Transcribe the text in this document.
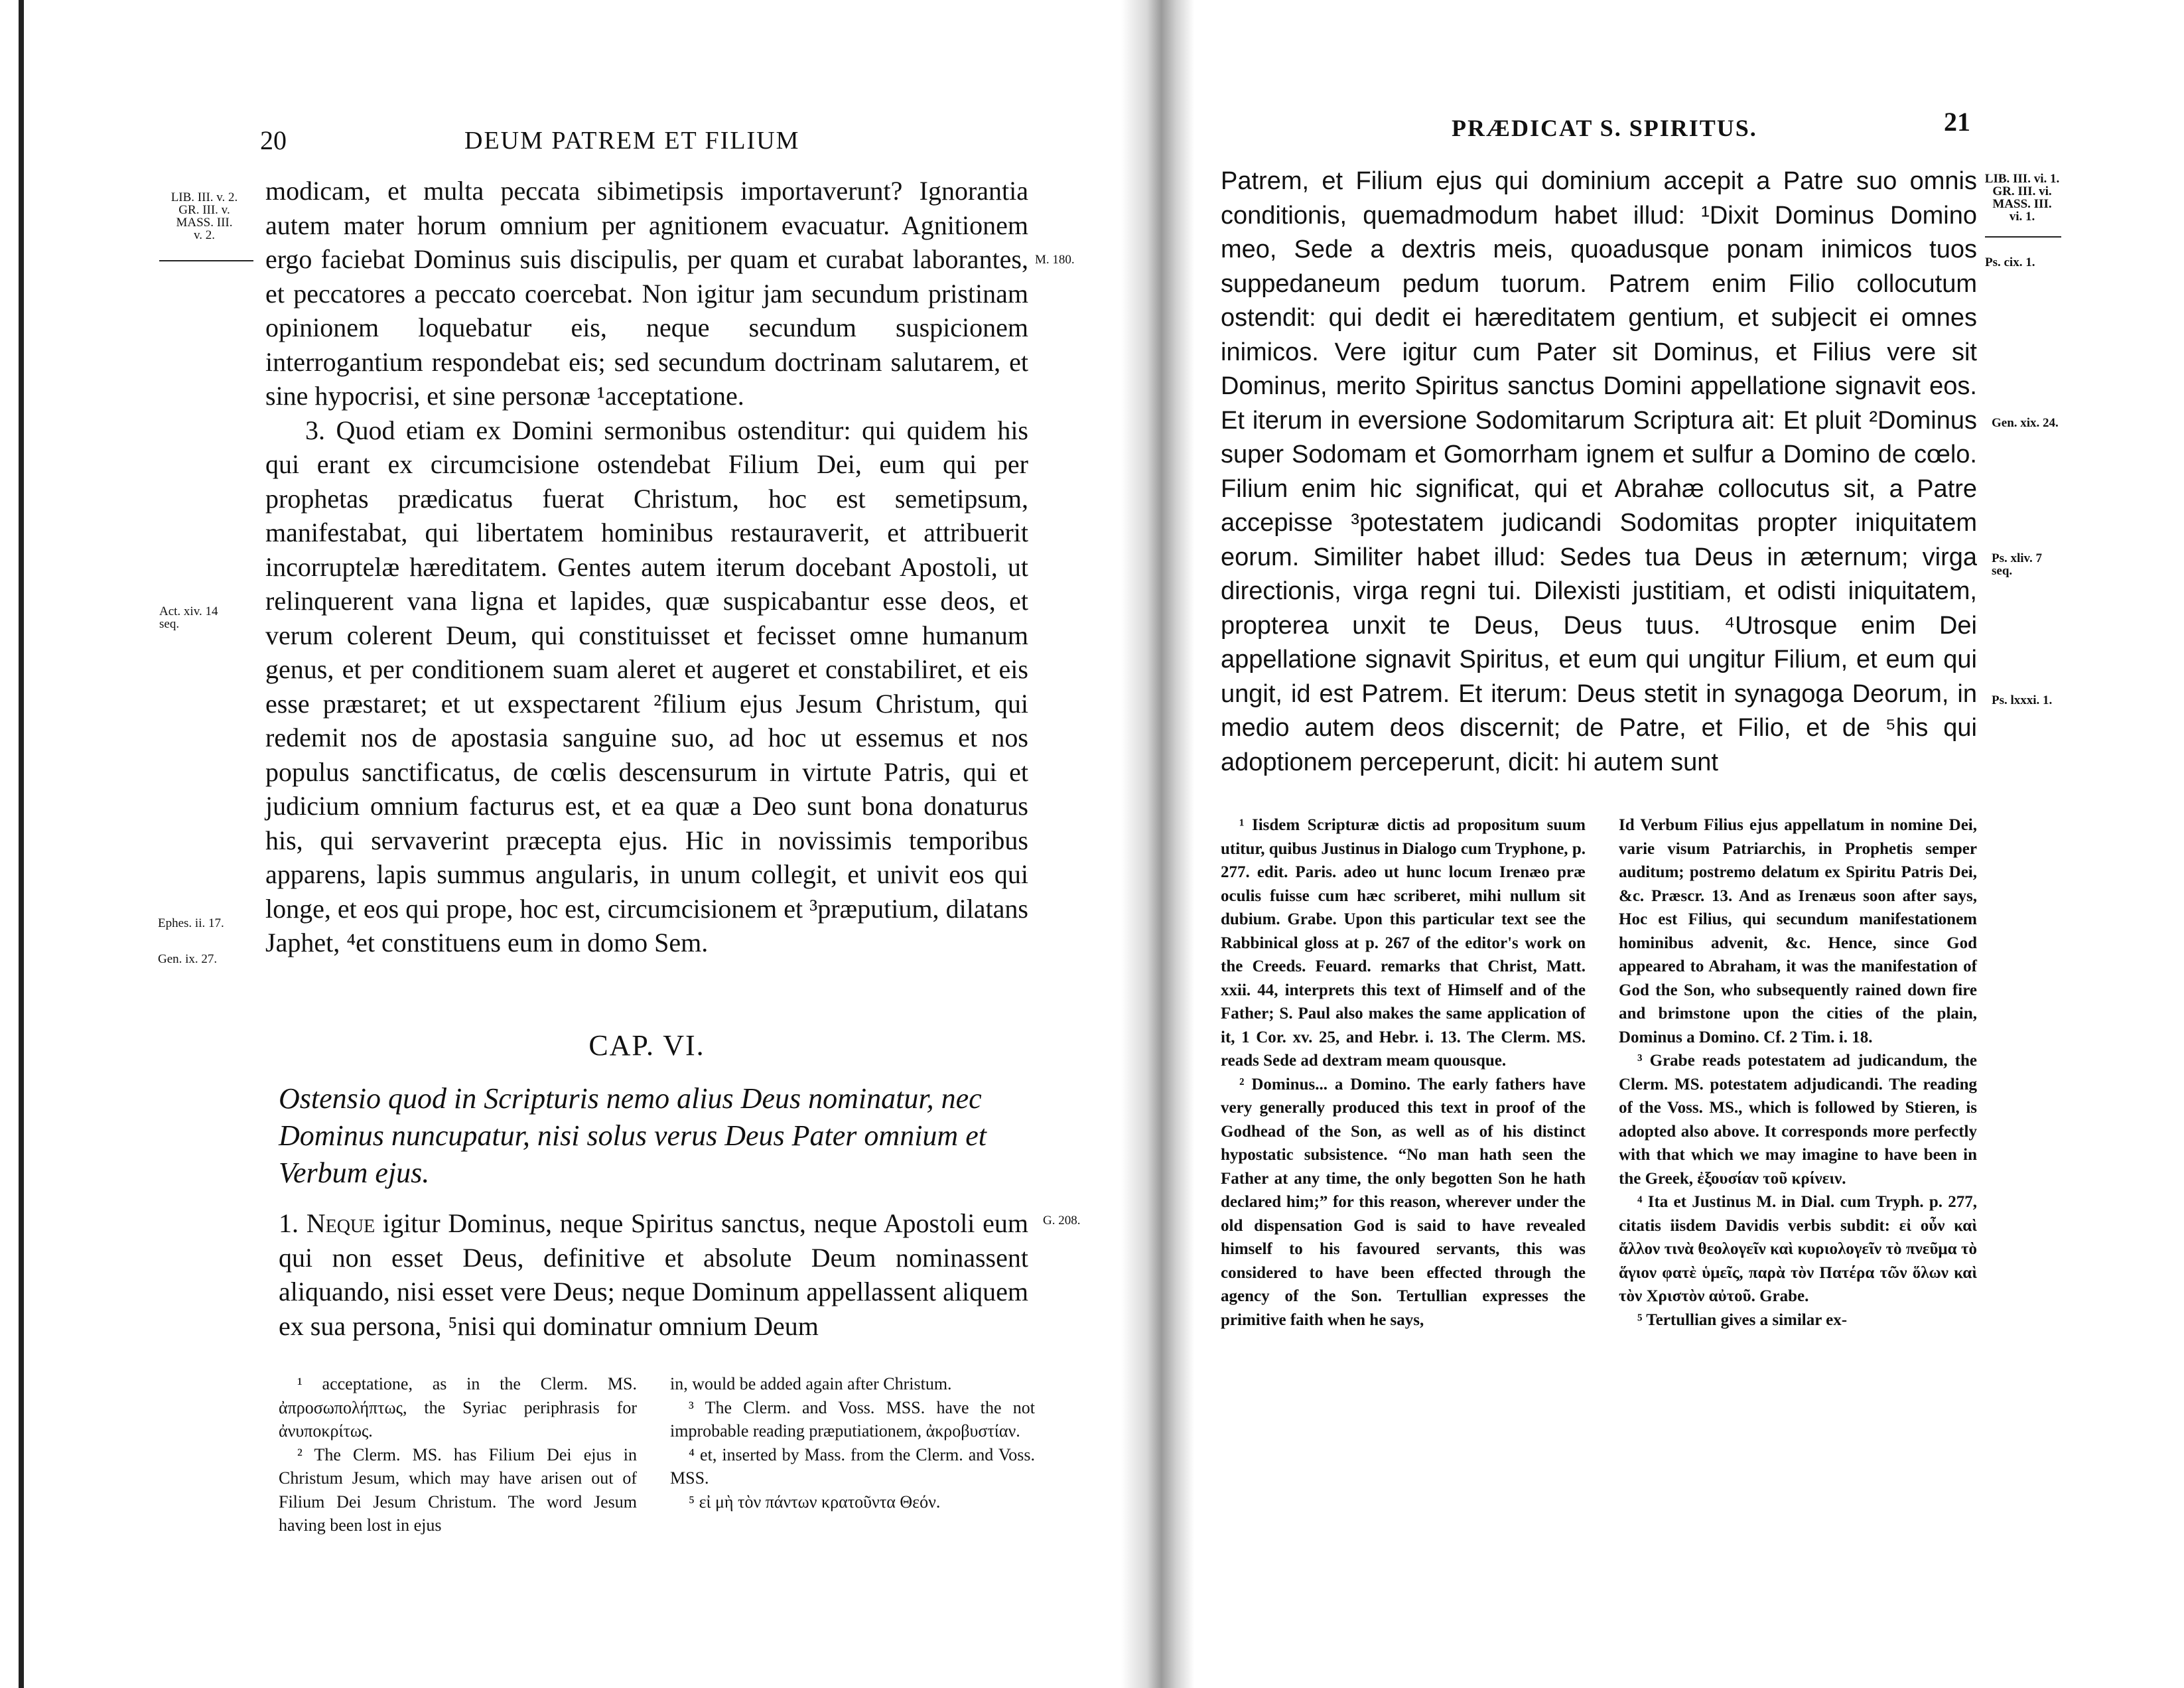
20	DEUM PATREM ET FILIUM
LIB. III. v. 2.
GR. III. v.
MASS. III.
v. 2.
M. 180.
Act. xiv. 14
seq.
Ephes. ii. 17.
Gen. ix. 27.
G. 208.

modicam, et multa peccata sibimetipsis importaverunt? Ignorantia autem mater horum omnium per agnitionem evacuatur. Agnitionem ergo faciebat Dominus suis discipulis, per quam et curabat laborantes, et peccatores a peccato coercebat. Non igitur jam secundum pristinam opinionem loquebatur eis, neque secundum suspicionem interrogantium respondebat eis; sed secundum doctrinam salutarem, et sine hypocrisi, et sine personæ ¹acceptatione.

3. Quod etiam ex Domini sermonibus ostenditur: qui quidem his qui erant ex circumcisione ostendebat Filium Dei, eum qui per prophetas prædicatus fuerat Christum, hoc est semetipsum, manifestabat, qui libertatem hominibus restauraverit, et attribuerit incorruptelæ hæreditatem. Gentes autem iterum docebant Apostoli, ut relinquerent vana ligna et lapides, quæ suspicabantur esse deos, et verum colerent Deum, qui constituisset et fecisset omne humanum genus, et per conditionem suam aleret et augeret et constabiliret, et eis esse præstaret; et ut exspectarent ²filium ejus Jesum Christum, qui redemit nos de apostasia sanguine suo, ad hoc ut essemus et nos populus sanctificatus, de cœlis descensurum in virtute Patris, qui et judicium omnium facturus est, et ea quæ a Deo sunt bona donaturus his, qui servaverint præcepta ejus. Hic in novissimis temporibus apparens, lapis summus angularis, in unum collegit, et univit eos qui longe, et eos qui prope, hoc est, circumcisionem et ³præputium, dilatans Japhet, ⁴et constituens eum in domo Sem.

CAP. VI.
Ostensio quod in Scripturis nemo alius Deus nominatur, nec Dominus nuncupatur, nisi solus verus Deus Pater omnium et Verbum ejus.

1. Neque igitur Dominus, neque Spiritus sanctus, neque Apostoli eum qui non esset Deus, definitive et absolute Deum nominassent aliquando, nisi esset vere Deus; neque Dominum appellassent aliquem ex sua persona, ⁵nisi qui dominatur omnium Deum

¹ acceptatione, as in the Clerm. MS. ἀπροσωπολήπτως, the Syriac periphrasis for ἀνυποκρίτως.

² The Clerm. MS. has Filium Dei ejus in Christum Jesum, which may have arisen out of Filium Dei Jesum Christum. The word Jesum having been lost in ejus

in, would be added again after Christum.

³ The Clerm. and Voss. MSS. have the not improbable reading præputiationem, ἀκροβυστίαν.

⁴ et, inserted by Mass. from the Clerm. and Voss. MSS.

⁵ εἰ μὴ τὸν πάντων κρατοῦντα Θεόν.

PRÆDICAT S. SPIRITUS.	21
LIB. III. vi. 1.
GR. III. vi.
MASS. III.
vi. 1.
Ps. cix. 1.
Gen. xix. 24.
Ps. xliv. 7
seq.
Ps. lxxxi. 1.

Patrem, et Filium ejus qui dominium accepit a Patre suo omnis conditionis, quemadmodum habet illud: ¹Dixit Dominus Domino meo, Sede a dextris meis, quoadusque ponam inimicos tuos suppedaneum pedum tuorum. Patrem enim Filio collocutum ostendit: qui dedit ei hæreditatem gentium, et subjecit ei omnes inimicos. Vere igitur cum Pater sit Dominus, et Filius vere sit Dominus, merito Spiritus sanctus Domini appellatione signavit eos. Et iterum in eversione Sodomitarum Scriptura ait: Et pluit ²Dominus super Sodomam et Gomorrham ignem et sulfur a Domino de cœlo. Filium enim hic significat, qui et Abrahæ collocutus sit, a Patre accepisse ³potestatem judicandi Sodomitas propter iniquitatem eorum. Similiter habet illud: Sedes tua Deus in æternum; virga directionis, virga regni tui. Dilexisti justitiam, et odisti iniquitatem, propterea unxit te Deus, Deus tuus. ⁴Utrosque enim Dei appellatione signavit Spiritus, et eum qui ungitur Filium, et eum qui ungit, id est Patrem. Et iterum: Deus stetit in synagoga Deorum, in medio autem deos discernit; de Patre, et Filio, et de ⁵his qui adoptionem perceperunt, dicit: hi autem sunt

¹ Iisdem Scripturæ dictis ad propositum suum utitur, quibus Justinus in Dialogo cum Tryphone, p. 277. edit. Paris. adeo ut hunc locum Irenæo præ oculis fuisse cum hæc scriberet, mihi nullum sit dubium. Grabe. Upon this particular text see the Rabbinical gloss at p. 267 of the editor's work on the Creeds. Feuard. remarks that Christ, Matt. xxii. 44, interprets this text of Himself and of the Father; S. Paul also makes the same application of it, 1 Cor. xv. 25, and Hebr. i. 13. The Clerm. MS. reads Sede ad dextram meam quousque.

² Dominus... a Domino. The early fathers have very generally produced this text in proof of the Godhead of the Son, as well as of his distinct hypostatic subsistence. “No man hath seen the Father at any time, the only begotten Son he hath declared him;” for this reason, wherever under the old dispensation God is said to have revealed himself to his favoured servants, this was considered to have been effected through the agency of the Son. Tertullian expresses the primitive faith when he says,

Id Verbum Filius ejus appellatum in nomine Dei, varie visum Patriarchis, in Prophetis semper auditum; postremo delatum ex Spiritu Patris Dei, &c. Præscr. 13. And as Irenæus soon after says, Hoc est Filius, qui secundum manifestationem hominibus advenit, &c. Hence, since God appeared to Abraham, it was the manifestation of God the Son, who subsequently rained down fire and brimstone upon the cities of the plain, Dominus a Domino. Cf. 2 Tim. i. 18.

³ Grabe reads potestatem ad judicandum, the Clerm. MS. potestatem adjudicandi. The reading of the Voss. MS., which is followed by Stieren, is adopted also above. It corresponds more perfectly with that which we may imagine to have been in the Greek, ἐξουσίαν τοῦ κρίνειν.

⁴ Ita et Justinus M. in Dial. cum Tryph. p. 277, citatis iisdem Davidis verbis subdit: εἰ οὖν καὶ ἄλλον τινὰ θεολογεῖν καὶ κυριολογεῖν τὸ πνεῦμα τὸ ἅγιον φατὲ ὑμεῖς, παρὰ τὸν Πατέρα τῶν ὅλων καὶ τὸν Χριστὸν αὐτοῦ. Grabe.

⁵ Tertullian gives a similar ex-
